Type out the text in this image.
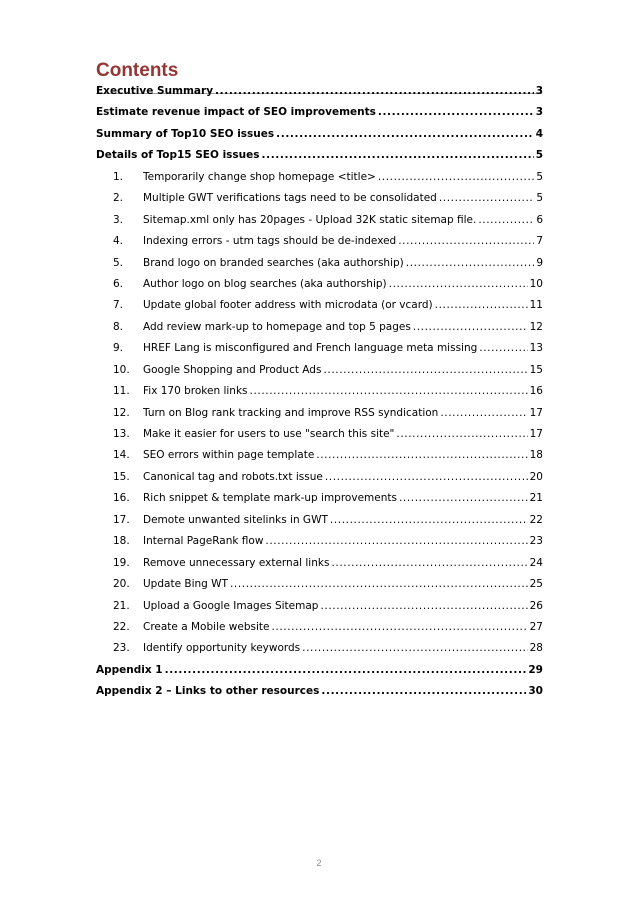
Contents
Executive Summary .....	3
Estimate revenue impact of SEO improvements .....	3
Summary of Top10 SEO issues .....	4
Details of Top15 SEO issues .....	5
1.	Temporarily change shop homepage <title> .....	5
2.	Multiple GWT verifications tags need to be consolidated .....	5
3.	Sitemap.xml only has 20pages - Upload 32K static sitemap file. .....	6
4.	Indexing errors - utm tags should be de-indexed .....	7
5.	Brand logo on branded searches (aka authorship) .....	9
6.	Author logo on blog searches (aka authorship) .....	10
7.	Update global footer address with microdata (or vcard) .....	11
8.	Add review mark-up to homepage and top 5 pages .....	12
9.	HREF Lang is misconfigured and French language meta missing .....	13
10.	Google Shopping and Product Ads .....	15
11.	Fix 170 broken links .....	16
12.	Turn on Blog rank tracking and improve RSS syndication .....	17
13.	Make it easier for users to use "search this site" .....	17
14.	SEO errors within page template .....	18
15.	Canonical tag and robots.txt issue .....	20
16.	Rich snippet & template mark-up improvements .....	21
17.	Demote unwanted sitelinks in GWT .....	22
18.	Internal PageRank flow .....	23
19.	Remove unnecessary external links .....	24
20.	Update Bing WT .....	25
21.	Upload a Google Images Sitemap .....	26
22.	Create a Mobile website .....	27
23.	Identify opportunity keywords .....	28
Appendix 1 .....	29
Appendix 2 – Links to other resources .....	30
2
